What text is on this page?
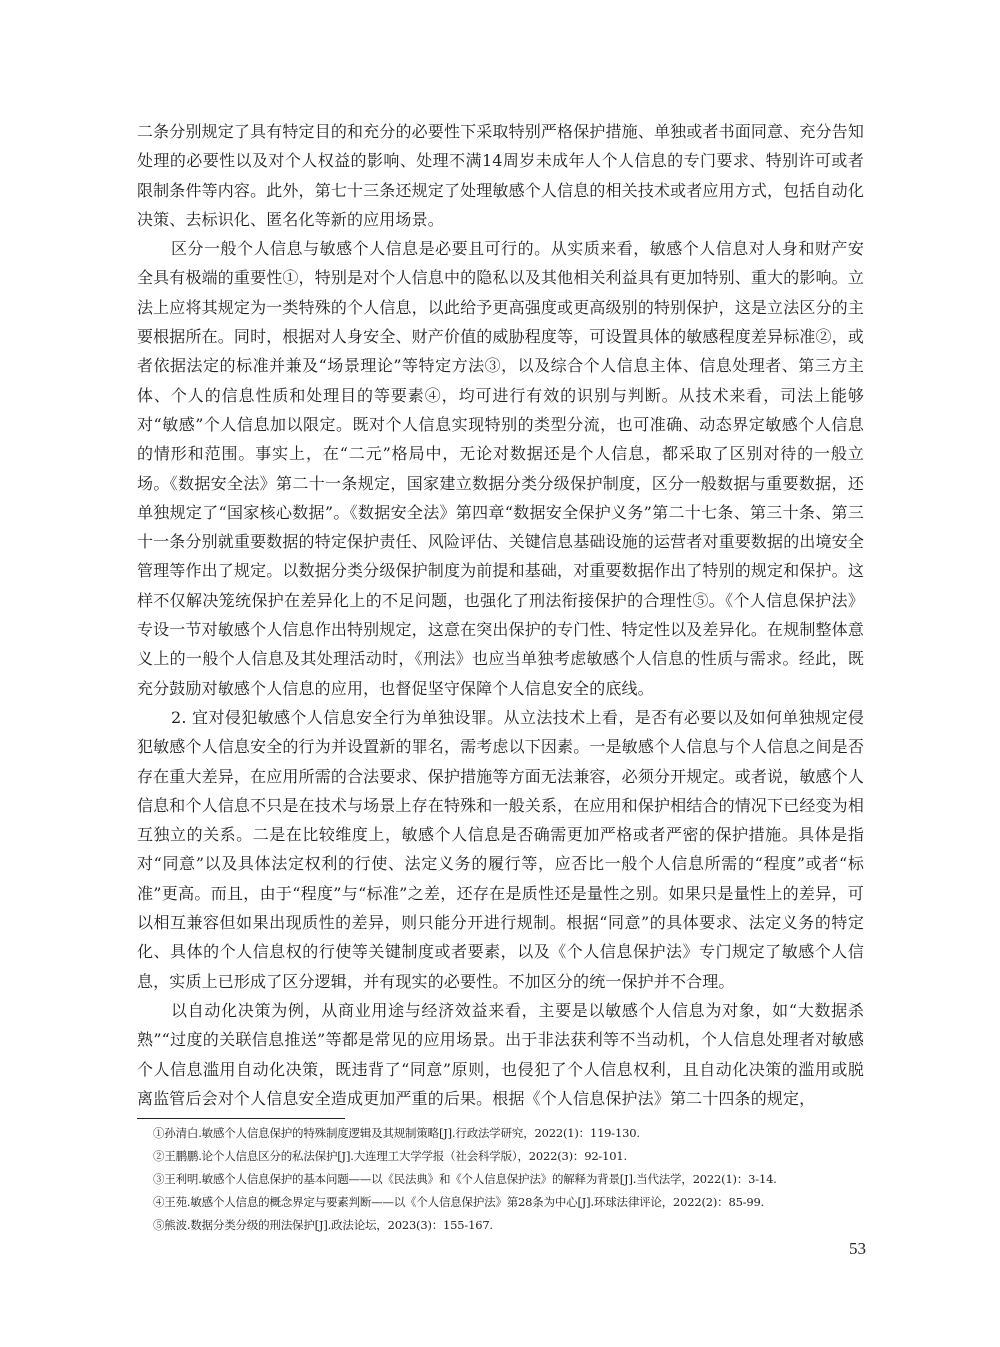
二条分别规定了具有特定目的和充分的必要性下采取特别严格保护措施、单独或者书面同意、充分告知处理的必要性以及对个人权益的影响、处理不满14周岁未成年人个人信息的专门要求、特别许可或者限制条件等内容。此外，第七十三条还规定了处理敏感个人信息的相关技术或者应用方式，包括自动化决策、去标识化、匿名化等新的应用场景。

区分一般个人信息与敏感个人信息是必要且可行的。从实质来看，敏感个人信息对人身和财产安全具有极端的重要性①，特别是对个人信息中的隐私以及其他相关利益具有更加特别、重大的影响。立法上应将其规定为一类特殊的个人信息，以此给予更高强度或更高级别的特别保护，这是立法区分的主要根据所在。同时，根据对人身安全、财产价值的威胁程度等，可设置具体的敏感程度差异标准②，或者依据法定的标准并兼及“场景理论”等特定方法③，以及综合个人信息主体、信息处理者、第三方主体、个人的信息性质和处理目的等要素④，均可进行有效的识别与判断。从技术来看，司法上能够对“敏感”个人信息加以限定。既对个人信息实现特别的类型分流，也可准确、动态界定敏感个人信息的情形和范围。事实上，在“二元”格局中，无论对数据还是个人信息，都采取了区别对待的一般立场。《数据安全法》第二十一条规定，国家建立数据分类分级保护制度，区分一般数据与重要数据，还单独规定了“国家核心数据”。《数据安全法》第四章“数据安全保护义务”第二十七条、第三十条、第三十一条分别就重要数据的特定保护责任、风险评估、关键信息基础设施的运营者对重要数据的出境安全管理等作出了规定。以数据分类分级保护制度为前提和基础，对重要数据作出了特别的规定和保护。这样不仅解决笼统保护在差异化上的不足问题，也强化了刑法衔接保护的合理性⑤。《个人信息保护法》专设一节对敏感个人信息作出特别规定，这意在突出保护的专门性、特定性以及差异化。在规制整体意义上的一般个人信息及其处理活动时，《刑法》也应当单独考虑敏感个人信息的性质与需求。经此，既充分鼓励对敏感个人信息的应用，也督促坚守保障个人信息安全的底线。

2. 宜对侵犯敏感个人信息安全行为单独设罪。从立法技术上看，是否有必要以及如何单独规定侵犯敏感个人信息安全的行为并设置新的罪名，需考虑以下因素。一是敏感个人信息与个人信息之间是否存在重大差异，在应用所需的合法要求、保护措施等方面无法兼容，必须分开规定。或者说，敏感个人信息和个人信息不只是在技术与场景上存在特殊和一般关系，在应用和保护相结合的情况下已经变为相互独立的关系。二是在比较维度上，敏感个人信息是否确需更加严格或者严密的保护措施。具体是指对“同意”以及具体法定权利的行使、法定义务的履行等，应否比一般个人信息所需的“程度”或者“标准”更高。而且，由于“程度”与“标准”之差，还存在是质性还是量性之别。如果只是量性上的差异，可以相互兼容但如果出现质性的差异，则只能分开进行规制。根据“同意”的具体要求、法定义务的特定化、具体的个人信息权的行使等关键制度或者要素，以及《个人信息保护法》专门规定了敏感个人信息，实质上已形成了区分逻辑，并有现实的必要性。不加区分的统一保护并不合理。

以自动化决策为例，从商业用途与经济效益来看，主要是以敏感个人信息为对象，如“大数据杀熟”“过度的关联信息推送”等都是常见的应用场景。出于非法获利等不当动机，个人信息处理者对敏感个人信息滥用自动化决策，既违背了“同意”原则，也侵犯了个人信息权利，且自动化决策的滥用或脱离监管后会对个人信息安全造成更加严重的后果。根据《个人信息保护法》第二十四条的规定，

①孙清白.敏感个人信息保护的特殊制度逻辑及其规制策略[J].行政法学研究，2022(1)：119-130.
②王鹏鹏.论个人信息区分的私法保护[J].大连理工大学学报（社会科学版），2022(3)：92-101.
③王利明.敏感个人信息保护的基本问题——以《民法典》和《个人信息保护法》的解释为背景[J].当代法学，2022(1)：3-14.
④王苑.敏感个人信息的概念界定与要素判断——以《个人信息保护法》第28条为中心[J].环球法律评论，2022(2)：85-99.
⑤熊波.数据分类分级的刑法保护[J].政法论坛，2023(3)：155-167.
53
